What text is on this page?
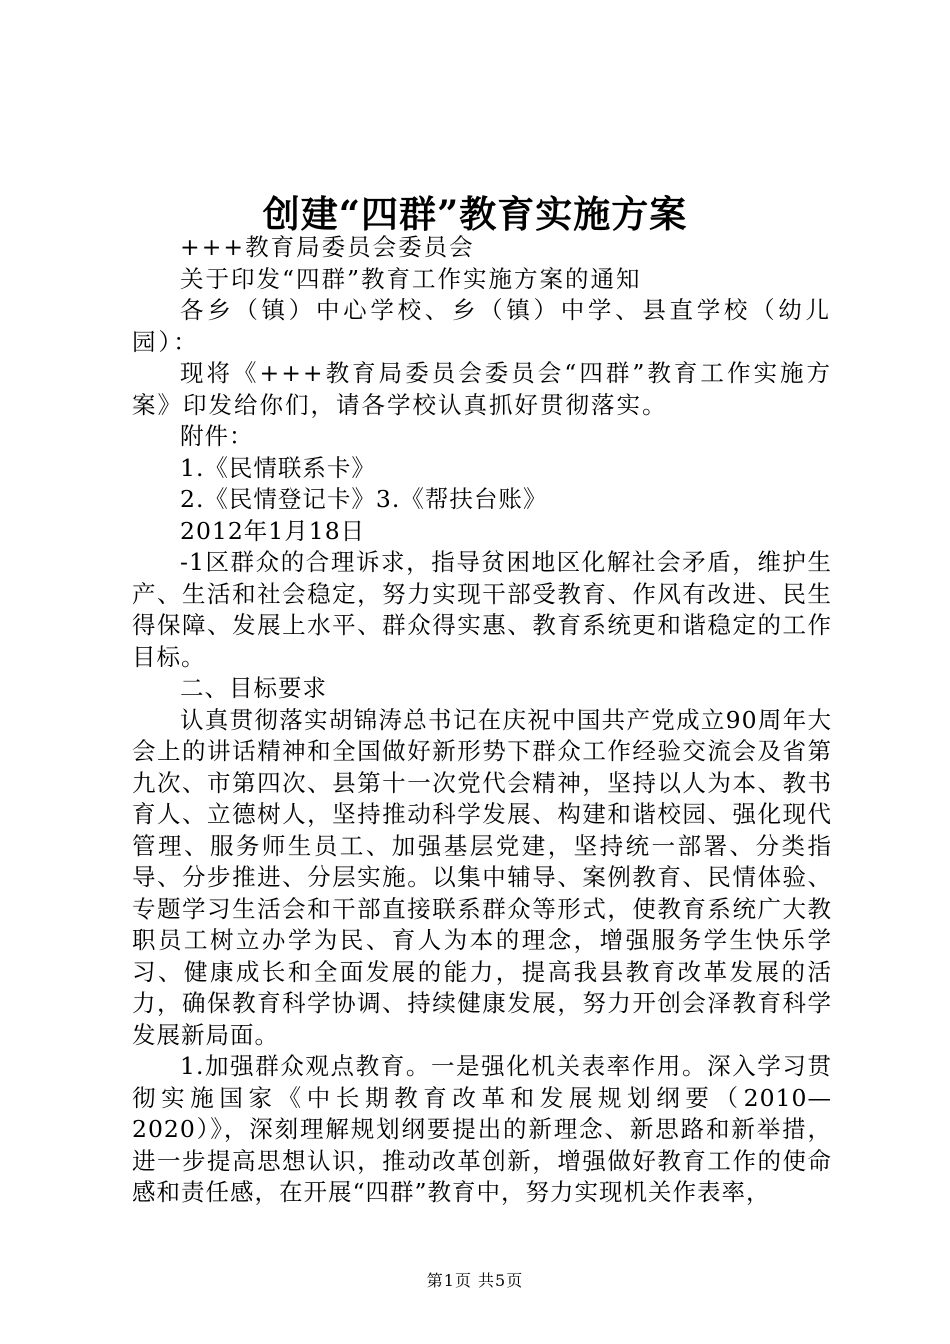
创建“四群”教育实施方案

+++教育局委员会委员会

关于印发“四群”教育工作实施方案的通知

各乡（镇）中心学校、乡（镇）中学、县直学校（幼儿园）：

现将《+++教育局委员会委员会“四群”教育工作实施方案》印发给你们，请各学校认真抓好贯彻落实。

附件：

1.《民情联系卡》

2.《民情登记卡》3.《帮扶台账》

2012年1月18日

-1区群众的合理诉求，指导贫困地区化解社会矛盾，维护生产、生活和社会稳定，努力实现干部受教育、作风有改进、民生得保障、发展上水平、群众得实惠、教育系统更和谐稳定的工作目标。

二、目标要求

认真贯彻落实胡锦涛总书记在庆祝中国共产党成立90周年大会上的讲话精神和全国做好新形势下群众工作经验交流会及省第九次、市第四次、县第十一次党代会精神，坚持以人为本、教书育人、立德树人，坚持推动科学发展、构建和谐校园、强化现代管理、服务师生员工、加强基层党建，坚持统一部署、分类指导、分步推进、分层实施。以集中辅导、案例教育、民情体验、专题学习生活会和干部直接联系群众等形式，使教育系统广大教职员工树立办学为民、育人为本的理念，增强服务学生快乐学习、健康成长和全面发展的能力，提高我县教育改革发展的活力，确保教育科学协调、持续健康发展，努力开创会泽教育科学发展新局面。

1.加强群众观点教育。一是强化机关表率作用。深入学习贯彻实施国家《中长期教育改革和发展规划纲要（2010—2020）》，深刻理解规划纲要提出的新理念、新思路和新举措，进一步提高思想认识，推动改革创新，增强做好教育工作的使命感和责任感，在开展“四群”教育中，努力实现机关作表率，

第1页 共5页
